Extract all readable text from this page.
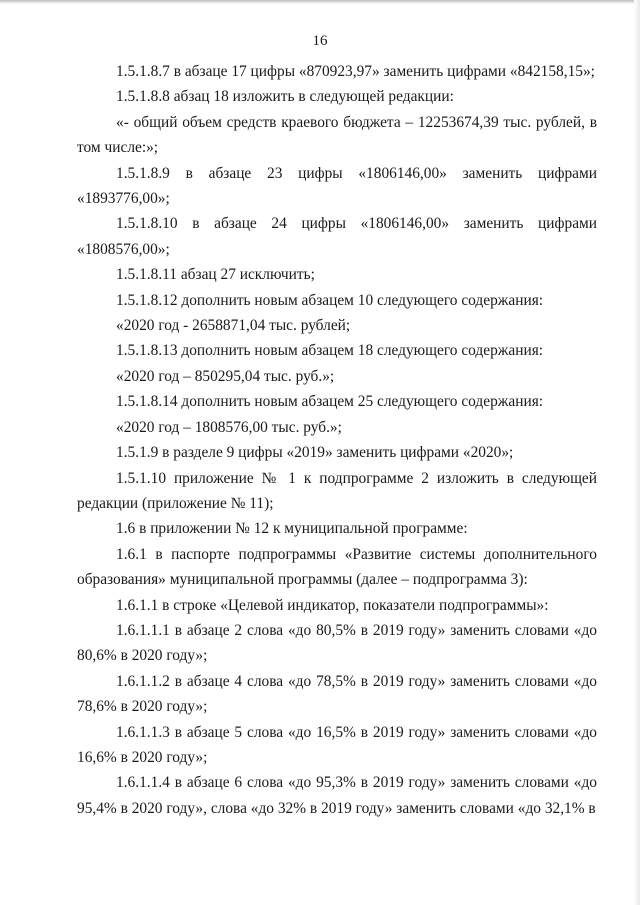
16

1.5.1.8.7 в абзаце 17 цифры «870923,97» заменить цифрами «842158,15»;

1.5.1.8.8 абзац 18 изложить в следующей редакции:

«- общий объем средств краевого бюджета – 12253674,39 тыс. рублей, в том числе:»;

1.5.1.8.9 в абзаце 23 цифры «1806146,00» заменить цифрами «1893776,00»;

1.5.1.8.10 в абзаце 24 цифры «1806146,00» заменить цифрами «1808576,00»;

1.5.1.8.11 абзац 27 исключить;

1.5.1.8.12 дополнить новым абзацем 10 следующего содержания:

«2020 год - 2658871,04 тыс. рублей;

1.5.1.8.13 дополнить новым абзацем 18 следующего содержания:

«2020 год – 850295,04 тыс. руб.»;

1.5.1.8.14 дополнить новым абзацем 25 следующего содержания:

«2020 год – 1808576,00 тыс. руб.»;

1.5.1.9 в разделе 9 цифры «2019» заменить цифрами «2020»;

1.5.1.10 приложение № 1 к подпрограмме 2 изложить в следующей редакции (приложение № 11);

1.6 в приложении № 12 к муниципальной программе:

1.6.1 в паспорте подпрограммы «Развитие системы дополнительного образования» муниципальной программы (далее – подпрограмма 3):

1.6.1.1 в строке «Целевой индикатор, показатели подпрограммы»:

1.6.1.1.1 в абзаце 2 слова «до 80,5% в 2019 году» заменить словами «до 80,6% в 2020 году»;

1.6.1.1.2 в абзаце 4 слова «до 78,5% в 2019 году» заменить словами «до 78,6% в 2020 году»;

1.6.1.1.3 в абзаце 5 слова «до 16,5% в 2019 году» заменить словами «до 16,6% в 2020 году»;

1.6.1.1.4 в абзаце 6 слова «до 95,3% в 2019 году» заменить словами «до 95,4% в 2020 году», слова «до 32% в 2019 году» заменить словами «до 32,1% в
